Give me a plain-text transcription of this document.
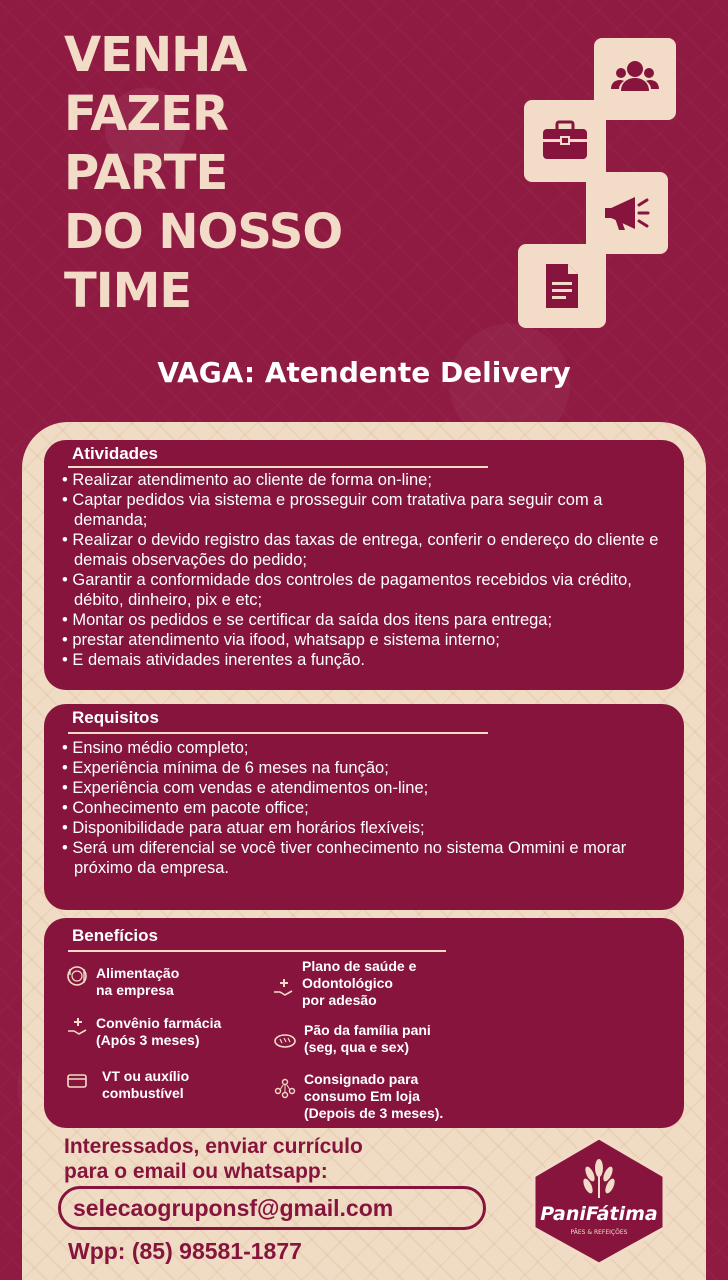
VENHA
FAZER
PARTE
DO NOSSO
TIME
VAGA: Atendente Delivery
Atividades
• Realizar atendimento ao cliente de forma on-line;
• Captar pedidos via sistema e prosseguir com tratativa para seguir com a demanda;
• Realizar o devido registro das taxas de entrega, conferir o endereço do cliente e demais observações do pedido;
• Garantir a conformidade dos controles de pagamentos recebidos via crédito, débito, dinheiro, pix e etc;
• Montar os pedidos e se certificar da saída dos itens para entrega;
• prestar atendimento via ifood, whatsapp e sistema interno;
• E demais atividades inerentes a função.
Requisitos
• Ensino médio completo;
• Experiência mínima de 6 meses na função;
• Experiência com vendas e atendimentos on-line;
• Conhecimento em pacote office;
• Disponibilidade para atuar em horários flexíveis;
• Será um diferencial se você tiver conhecimento no sistema Ommini e morar próximo da empresa.
Benefícios
Alimentação
na empresa
Plano de saúde e
Odontológico
por adesão
Convênio farmácia
(Após 3 meses)
Pão da família pani
(seg, qua e sex)
VT ou auxílio
combustível
Consignado para
consumo Em loja
(Depois de 3 meses).
Interessados, enviar currículo
para o email ou whatsapp:
selecaogruponsf@gmail.com
Wpp: (85) 98581-1877
PaniFátima
PÃES & REFEIÇÕES
